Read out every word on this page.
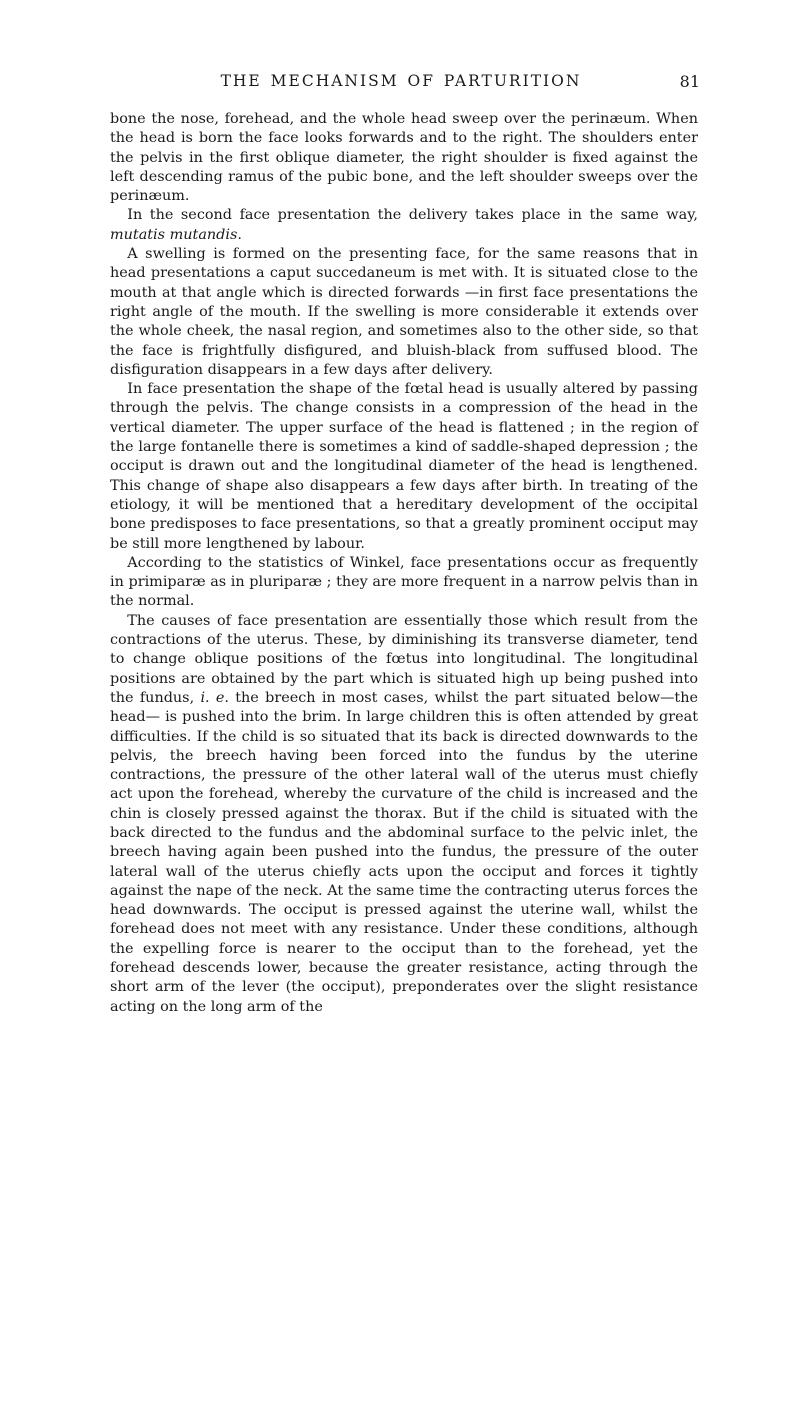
THE MECHANISM OF PARTURITION	81

bone the nose, forehead, and the whole head sweep over the perinæum. When the head is born the face looks forwards and to the right. The shoulders enter the pelvis in the first oblique diameter, the right shoulder is fixed against the left descending ramus of the pubic bone, and the left shoulder sweeps over the perinæum.

In the second face presentation the delivery takes place in the same way, mutatis mutandis.

A swelling is formed on the presenting face, for the same reasons that in head presentations a caput succedaneum is met with. It is situated close to the mouth at that angle which is directed forwards —in first face presentations the right angle of the mouth. If the swelling is more considerable it extends over the whole cheek, the nasal region, and sometimes also to the other side, so that the face is frightfully disfigured, and bluish-black from suffused blood. The disfiguration disappears in a few days after delivery.

In face presentation the shape of the fœtal head is usually altered by passing through the pelvis. The change consists in a compression of the head in the vertical diameter. The upper surface of the head is flattened ; in the region of the large fontanelle there is sometimes a kind of saddle-shaped depression ; the occiput is drawn out and the longitudinal diameter of the head is lengthened. This change of shape also disappears a few days after birth. In treating of the etiology, it will be mentioned that a hereditary development of the occipital bone predisposes to face presentations, so that a greatly prominent occiput may be still more lengthened by labour.

According to the statistics of Winkel, face presentations occur as frequently in primiparæ as in pluriparæ ; they are more frequent in a narrow pelvis than in the normal.

The causes of face presentation are essentially those which result from the contractions of the uterus. These, by diminishing its transverse diameter, tend to change oblique positions of the fœtus into longitudinal. The longitudinal positions are obtained by the part which is situated high up being pushed into the fundus, i. e. the breech in most cases, whilst the part situated below—the head— is pushed into the brim. In large children this is often attended by great difficulties. If the child is so situated that its back is directed downwards to the pelvis, the breech having been forced into the fundus by the uterine contractions, the pressure of the other lateral wall of the uterus must chiefly act upon the forehead, whereby the curvature of the child is increased and the chin is closely pressed against the thorax. But if the child is situated with the back directed to the fundus and the abdominal surface to the pelvic inlet, the breech having again been pushed into the fundus, the pressure of the outer lateral wall of the uterus chiefly acts upon the occiput and forces it tightly against the nape of the neck. At the same time the contracting uterus forces the head downwards. The occiput is pressed against the uterine wall, whilst the forehead does not meet with any resistance. Under these conditions, although the expelling force is nearer to the occiput than to the forehead, yet the forehead descends lower, because the greater resistance, acting through the short arm of the lever (the occiput), preponderates over the slight resistance acting on the long arm of the
